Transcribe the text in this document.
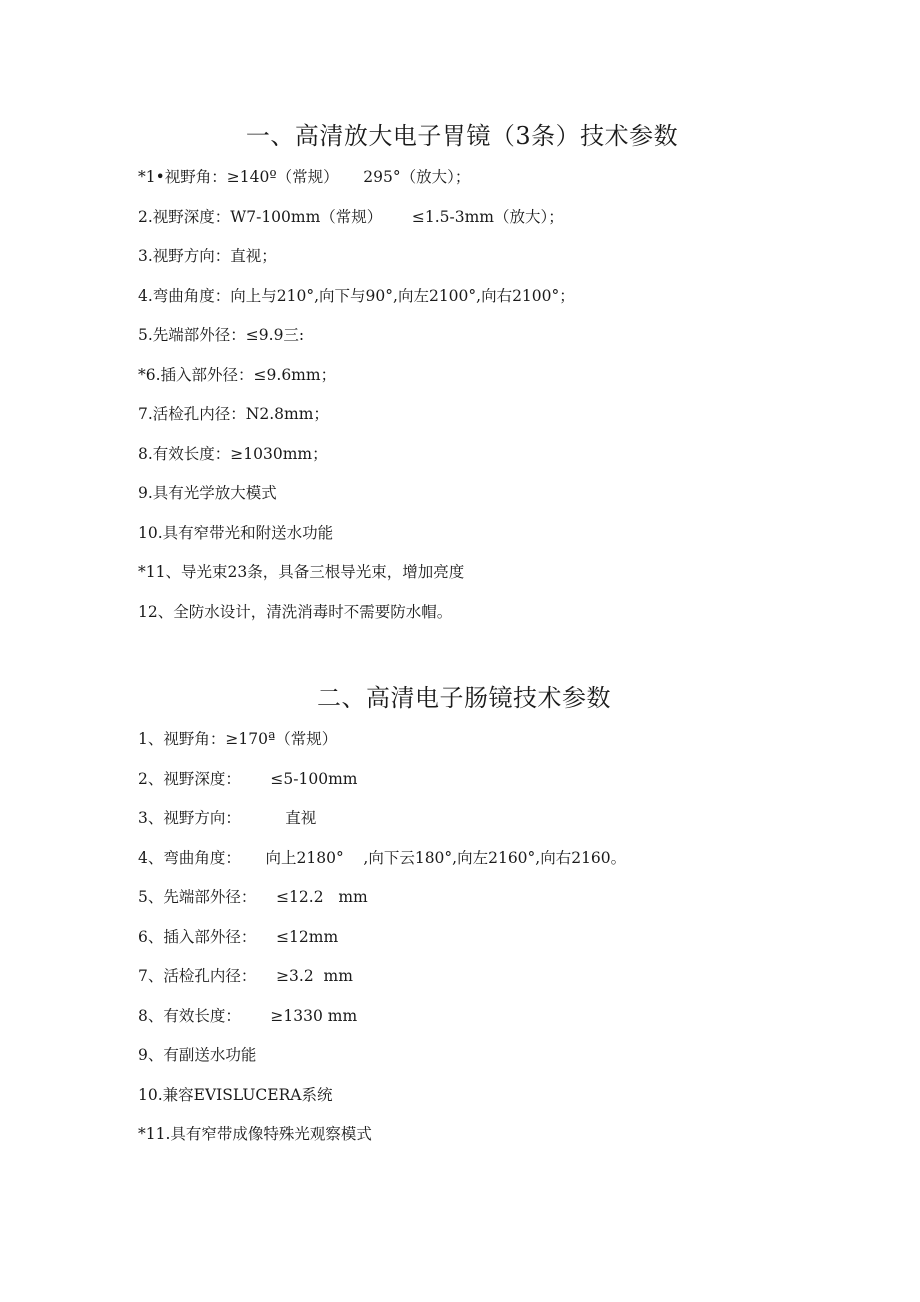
一、高清放大电子胃镜（3条）技术参数
*1•视野角：≥140º（常规）     295°（放大）；
2.视野深度：W7-100mm（常规）      ≤1.5-3mm（放大）；
3.视野方向：直视；
4.弯曲角度：向上与210°,向下与90°,向左2100°,向右2100°；
5.先端部外径：≤9.9三:
*6.插入部外径：≤9.6mm；
7.活检孔内径：N2.8mm；
8.有效长度：≥1030mm；
9.具有光学放大模式
10.具有窄带光和附送水功能
*11、导光束23条，具备三根导光束，增加亮度
12、全防水设计，清洗消毒时不需要防水帽。
二、高清电子肠镜技术参数
1、视野角：≥170ª（常规）
2、视野深度：      ≤5-100mm
3、视野方向：         直视
4、弯曲角度：     向上2180°    ,向下云180°,向左2160°,向右2160。
5、先端部外径：    ≤12.2   mm
6、插入部外径：    ≤12mm
7、活检孔内径：    ≥3.2  mm
8、有效长度：      ≥1330 mm
9、有副送水功能
10.兼容EVISLUCERA系统
*11.具有窄带成像特殊光观察模式
